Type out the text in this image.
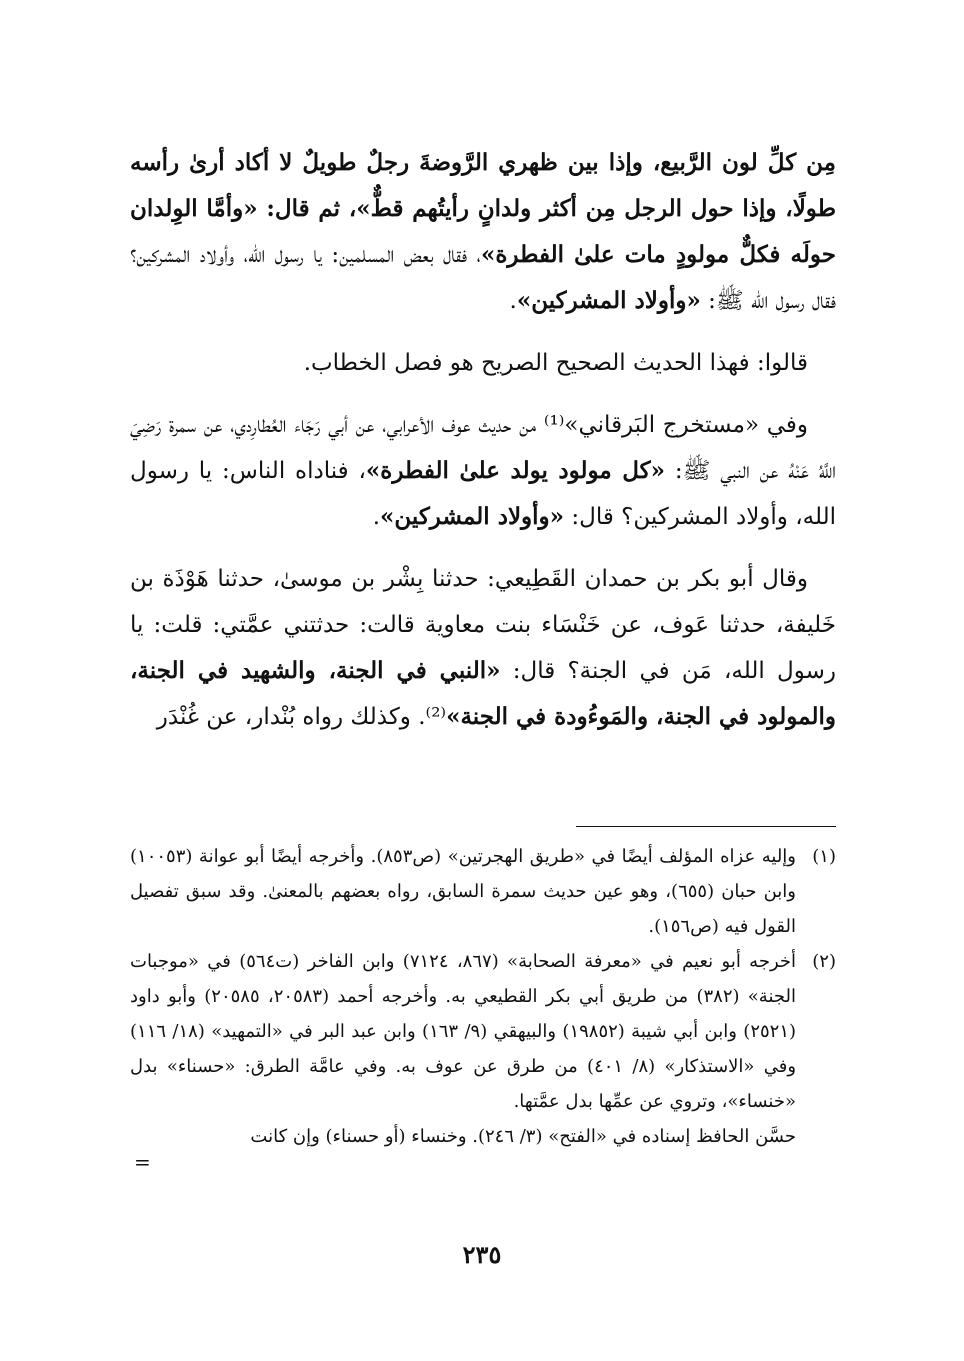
مِن كلِّ لون الرَّبيع، وإذا بين ظهري الرَّوضةَ رجلٌ طويلٌ لا أكاد أرىٰ رأسه طولًا، وإذا حول الرجل مِن أكثر ولدانٍ رأيتُهم قطٌّ»، ثم قال: «وأمَّا الوِلدان حولَه فكلٌّ مولودٍ مات علىٰ الفطرة»، فقال بعض المسلمين: يا رسول الله، وأولاد المشركين؟ فقال رسول الله ﷺ: «وأولاد المشركين».

قالوا: فهذا الحديث الصحيح الصريح هو فصل الخطاب.

وفي «مستخرج البَرقاني»⁽¹⁾ من حديث عوف الأعرابي، عن أبي رَجَاء العُطارِدي، عن سمرة رَضِيَ اللَّهُ عَنْهُ عن النبي ﷺ: «كل مولود يولد علىٰ الفطرة»، فناداه الناس: يا رسول الله، وأولاد المشركين؟ قال: «وأولاد المشركين».

وقال أبو بكر بن حمدان القَطِيعي: حدثنا بِشْر بن موسىٰ، حدثنا هَوْذَة بن خَليفة، حدثنا عَوف، عن خَنْسَاء بنت معاوية قالت: حدثتني عمَّتي: قلت: يا رسول الله، مَن في الجنة؟ قال: «النبي في الجنة، والشهيد في الجنة، والمولود في الجنة، والمَوءُودة في الجنة»⁽²⁾. وكذلك رواه بُنْدار، عن غُنْدَر

(١)
وإليه عزاه المؤلف أيضًا في «طريق الهجرتين» (ص٨٥٣). وأخرجه أيضًا أبو عوانة (١٠٠٥٣) وابن حبان (٦٥٥)، وهو عين حديث سمرة السابق، رواه بعضهم بالمعنىٰ. وقد سبق تفصيل القول فيه (ص١٥٦).
(٢)
أخرجه أبو نعيم في «معرفة الصحابة» (٨٦٧، ٧١٢٤) وابن الفاخر (ت٥٦٤) في «موجبات الجنة» (٣٨٢) من طريق أبي بكر القطيعي به. وأخرجه أحمد (٢٠٥٨٣، ٢٠٥٨٥) وأبو داود (٢٥٢١) وابن أبي شيبة (١٩٨٥٢) والبيهقي (٩/ ١٦٣) وابن عبد البر في «التمهيد» (١٨/ ١١٦) وفي «الاستذكار» (٨/ ٤٠١) من طرق عن عوف به. وفي عامَّة الطرق: «حسناء» بدل «خنساء»، وتروي عن عمِّها بدل عمَّتها.
حسَّن الحافظ إسناده في «الفتح» (٣/ ٢٤٦). وخنساء (أو حسناء) وإن كانت
=
٢٣٥
